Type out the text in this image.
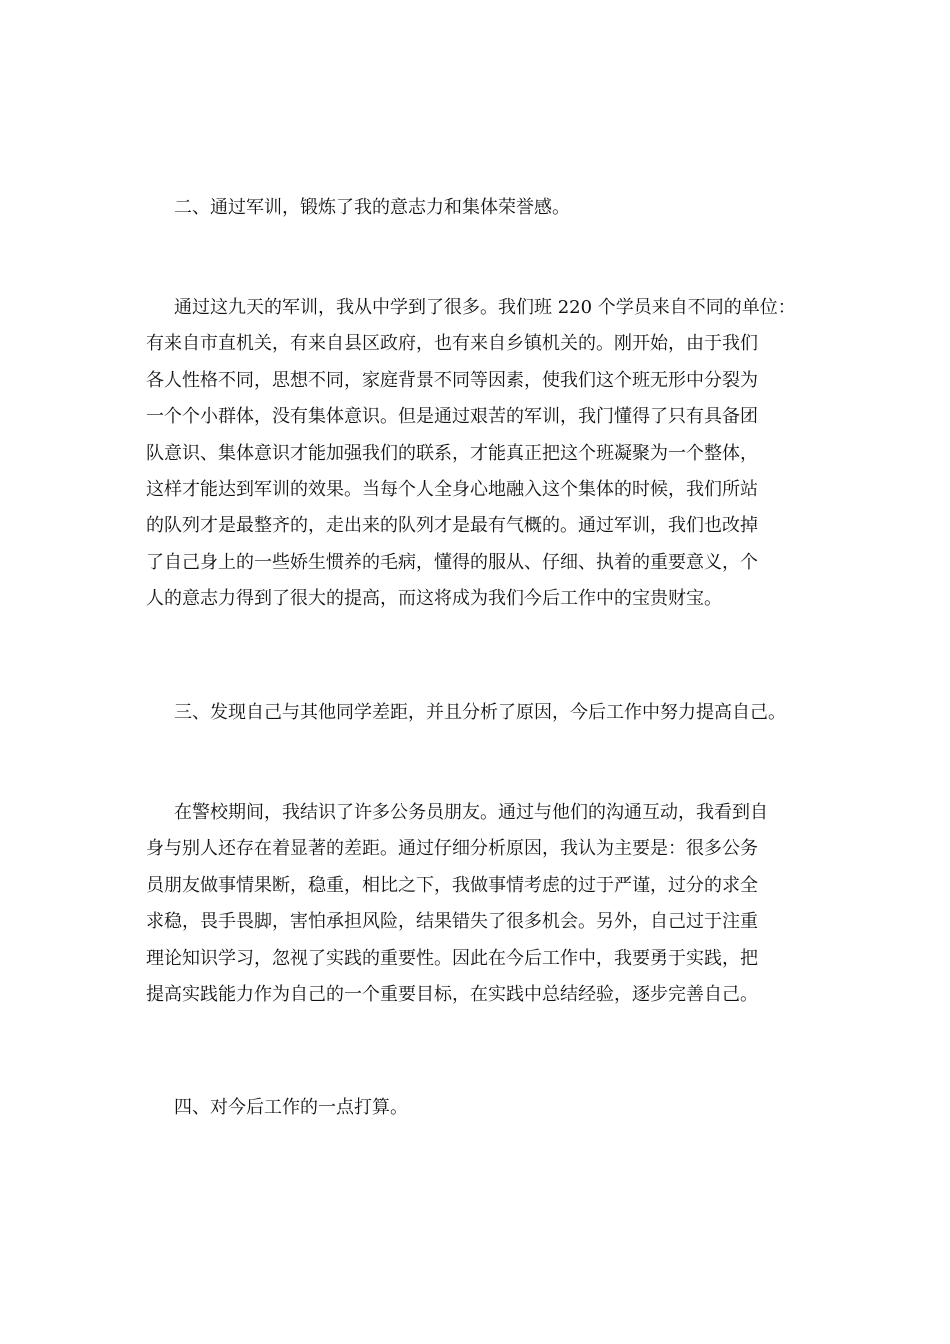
二、通过军训，锻炼了我的意志力和集体荣誉感。
通过这九天的军训，我从中学到了很多。我们班 220 个学员来自不同的单位：
有来自市直机关，有来自县区政府，也有来自乡镇机关的。刚开始，由于我们
各人性格不同，思想不同，家庭背景不同等因素，使我们这个班无形中分裂为
一个个小群体，没有集体意识。但是通过艰苦的军训，我门懂得了只有具备团
队意识、集体意识才能加强我们的联系，才能真正把这个班凝聚为一个整体，
这样才能达到军训的效果。当每个人全身心地融入这个集体的时候，我们所站
的队列才是最整齐的，走出来的队列才是最有气概的。通过军训，我们也改掉
了自己身上的一些娇生惯养的毛病，懂得的服从、仔细、执着的重要意义，个
人的意志力得到了很大的提高，而这将成为我们今后工作中的宝贵财宝。
三、发现自己与其他同学差距，并且分析了原因，今后工作中努力提高自己。
在警校期间，我结识了许多公务员朋友。通过与他们的沟通互动，我看到自
身与别人还存在着显著的差距。通过仔细分析原因，我认为主要是：很多公务
员朋友做事情果断，稳重，相比之下，我做事情考虑的过于严谨，过分的求全
求稳，畏手畏脚，害怕承担风险，结果错失了很多机会。另外，自己过于注重
理论知识学习，忽视了实践的重要性。因此在今后工作中，我要勇于实践，把
提高实践能力作为自己的一个重要目标，在实践中总结经验，逐步完善自己。
四、对今后工作的一点打算。
